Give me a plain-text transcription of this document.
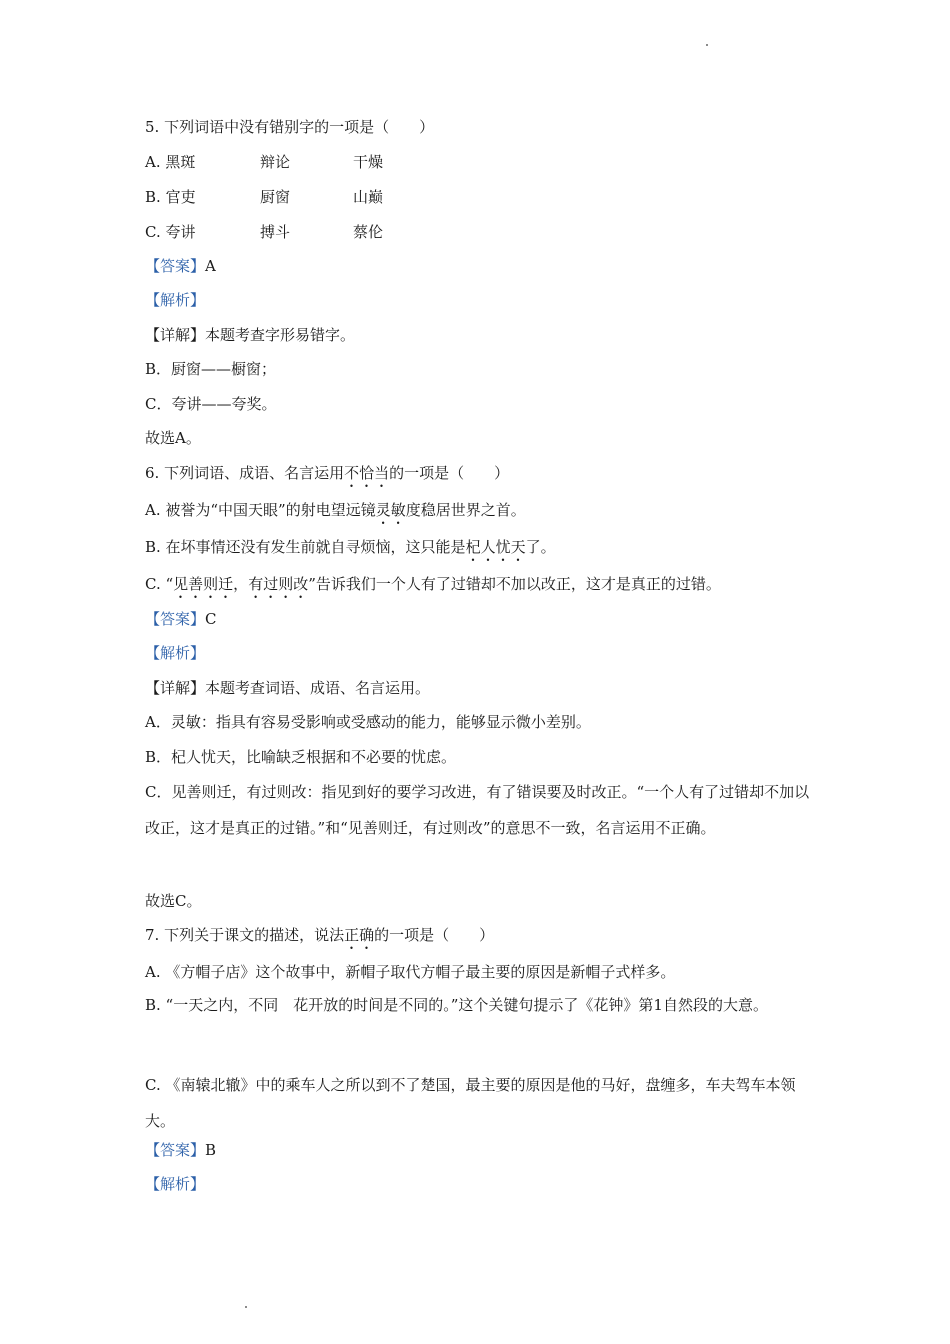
5. 下列词语中没有错别字的一项是（　　）
A. 黑斑	辩论	干燥
B. 官吏	厨窗	山巅
C. 夸讲	搏斗	蔡伦
【答案】A
【解析】
【详解】本题考查字形易错字。
B．厨窗——橱窗；
C．夸讲——夸奖。
故选A。
6. 下列词语、成语、名言运用不恰当的一项是（　　）
A. 被誉为“中国天眼”的射电望远镜灵敏度稳居世界之首。
B. 在坏事情还没有发生前就自寻烦恼，这只能是杞人忧天了。
C. “见善则迁，有过则改”告诉我们一个人有了过错却不加以改正，这才是真正的过错。
【答案】C
【解析】
【详解】本题考查词语、成语、名言运用。
A．灵敏：指具有容易受影响或受感动的能力，能够显示微小差别。
B．杞人忧天，比喻缺乏根据和不必要的忧虑。
C．见善则迁，有过则改：指见到好的要学习改进，有了错误要及时改正。“一个人有了过错却不加以改正，这才是真正的过错。”和“见善则迁，有过则改”的意思不一致，名言运用不正确。
故选C。
7. 下列关于课文的描述，说法正确的一项是（　　）
A. 《方帽子店》这个故事中，新帽子取代方帽子最主要的原因是新帽子式样多。
B. “一天之内，不同　花开放的时间是不同的。”这个关键句提示了《花钟》第1自然段的大意。
C. 《南辕北辙》中的乘车人之所以到不了楚国，最主要的原因是他的马好，盘缠多，车夫驾车本领大。
【答案】B
【解析】
